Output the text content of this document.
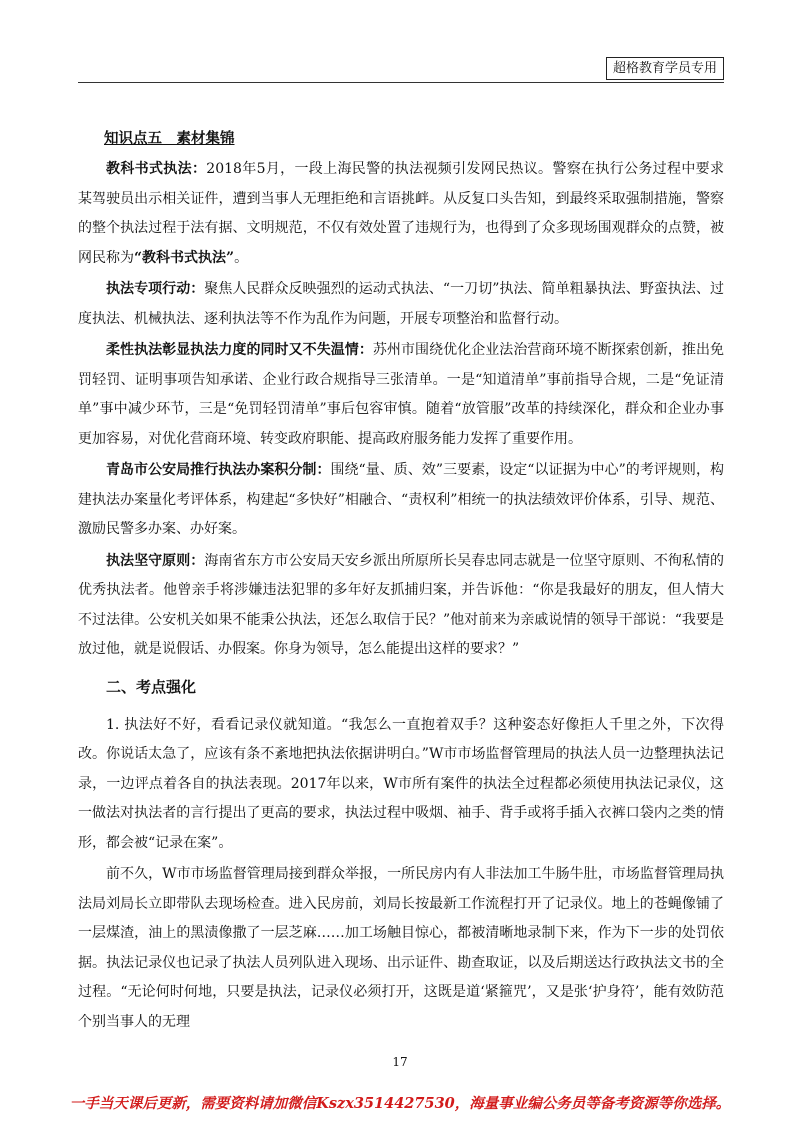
超格教育学员专用
知识点五　素材集锦

教科书式执法：2018年5月，一段上海民警的执法视频引发网民热议。警察在执行公务过程中要求某驾驶员出示相关证件，遭到当事人无理拒绝和言语挑衅。从反复口头告知，到最终采取强制措施，警察的整个执法过程于法有据、文明规范，不仅有效处置了违规行为，也得到了众多现场围观群众的点赞，被网民称为“教科书式执法”。

执法专项行动：聚焦人民群众反映强烈的运动式执法、“一刀切”执法、简单粗暴执法、野蛮执法、过度执法、机械执法、逐利执法等不作为乱作为问题，开展专项整治和监督行动。

柔性执法彰显执法力度的同时又不失温情：苏州市围绕优化企业法治营商环境不断探索创新，推出免罚轻罚、证明事项告知承诺、企业行政合规指导三张清单。一是“知道清单”事前指导合规，二是“免证清单”事中减少环节，三是“免罚轻罚清单”事后包容审慎。随着“放管服”改革的持续深化，群众和企业办事更加容易，对优化营商环境、转变政府职能、提高政府服务能力发挥了重要作用。

青岛市公安局推行执法办案积分制：围绕“量、质、效”三要素，设定“以证据为中心”的考评规则，构建执法办案量化考评体系，构建起“多快好”相融合、“责权利”相统一的执法绩效评价体系，引导、规范、激励民警多办案、办好案。

执法坚守原则：海南省东方市公安局天安乡派出所原所长吴春忠同志就是一位坚守原则、不徇私情的优秀执法者。他曾亲手将涉嫌违法犯罪的多年好友抓捕归案，并告诉他：“你是我最好的朋友，但人情大不过法律。公安机关如果不能秉公执法，还怎么取信于民？”他对前来为亲戚说情的领导干部说：“我要是放过他，就是说假话、办假案。你身为领导，怎么能提出这样的要求？”

二、考点强化

1. 执法好不好，看看记录仪就知道。“我怎么一直抱着双手？这种姿态好像拒人千里之外，下次得改。你说话太急了，应该有条不紊地把执法依据讲明白。”W市市场监督管理局的执法人员一边整理执法记录，一边评点着各自的执法表现。2017年以来，W市所有案件的执法全过程都必须使用执法记录仪，这一做法对执法者的言行提出了更高的要求，执法过程中吸烟、袖手、背手或将手插入衣裤口袋内之类的情形，都会被“记录在案”。

前不久，W市市场监督管理局接到群众举报，一所民房内有人非法加工牛肠牛肚，市场监督管理局执法局刘局长立即带队去现场检查。进入民房前，刘局长按最新工作流程打开了记录仪。地上的苍蝇像铺了一层煤渣，油上的黑渍像撒了一层芝麻……加工场触目惊心，都被清晰地录制下来，作为下一步的处罚依据。执法记录仪也记录了执法人员列队进入现场、出示证件、勘查取证，以及后期送达行政执法文书的全过程。“无论何时何地，只要是执法，记录仪必须打开，这既是道‘紧箍咒’，又是张‘护身符’，能有效防范个别当事人的无理

17
一手当天课后更新，需要资料请加微信Kszx3514427530，海量事业编公务员等备考资源等你选择。
